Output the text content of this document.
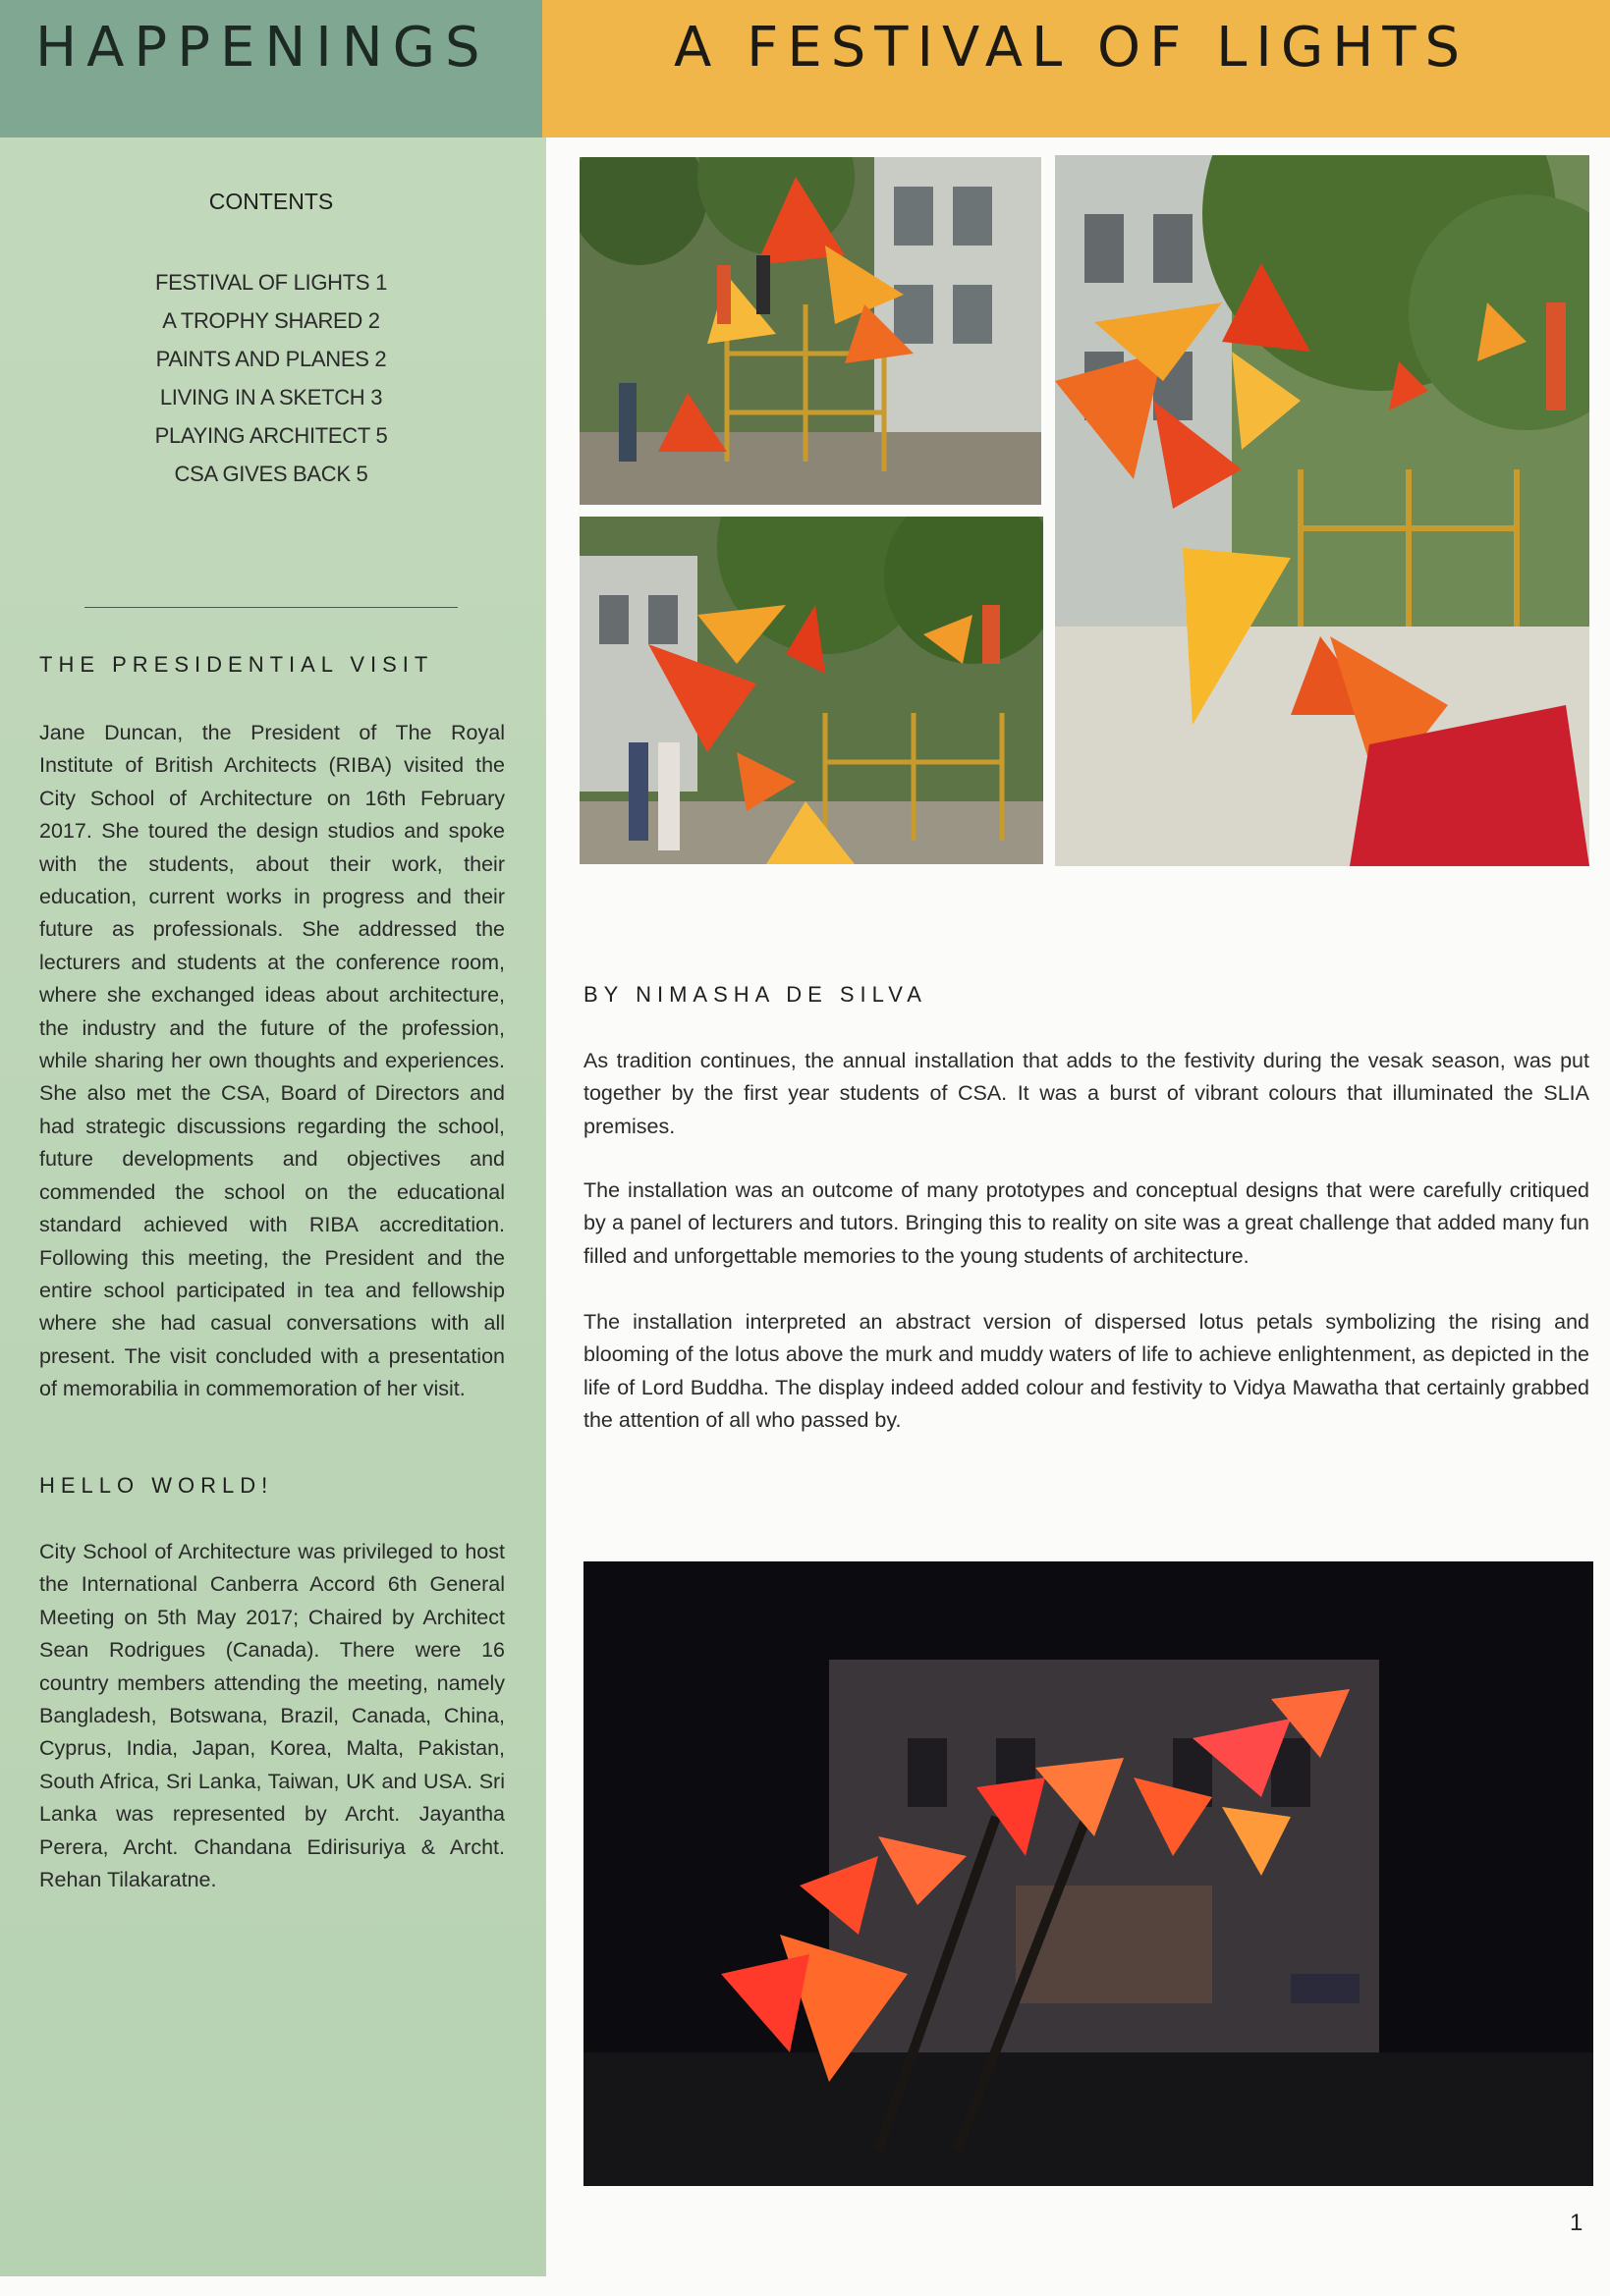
HAPPENINGS	A FESTIVAL OF LIGHTS
CONTENTS
FESTIVAL OF LIGHTS 1
A TROPHY SHARED 2
PAINTS AND PLANES 2
LIVING IN A SKETCH 3
PLAYING ARCHITECT 5
CSA GIVES BACK 5
THE PRESIDENTIAL VISIT

Jane Duncan, the President of The Royal Institute of British Architects (RIBA) visited the City School of Architecture on 16th February 2017. She toured the design studios and spoke with the students, about their work, their education, current works in progress and their future as professionals. She addressed the lecturers and students at the conference room, where she exchanged ideas about architecture, the industry and the future of the profession, while sharing her own thoughts and experiences. She also met the CSA, Board of Directors and had strategic discussions regarding the school, future developments and objectives and commended the school on the educational standard achieved with RIBA accreditation. Following this meeting, the President and the entire school participated in tea and fellowship where she had casual conversations with all present. The visit concluded with a presentation of memorabilia in commemoration of her visit.

HELLO WORLD!

City School of Architecture was privileged to host the International Canberra Accord 6th General Meeting on 5th May 2017; Chaired by Architect Sean Rodrigues (Canada). There were 16 country members attending the meeting, namely Bangladesh, Botswana, Brazil, Canada, China, Cyprus, India, Japan, Korea, Malta, Pakistan, South Africa, Sri Lanka, Taiwan, UK and USA. Sri Lanka was represented by Archt. Jayantha Perera, Archt. Chandana Edirisuriya & Archt. Rehan Tilakaratne.

BY NIMASHA DE SILVA

As tradition continues, the annual installation that adds to the festivity during the vesak season, was put together by the first year students of CSA. It was a burst of vibrant colours that illuminated the SLIA premises.

The installation was an outcome of many prototypes and conceptual designs that were carefully critiqued by a panel of lecturers and tutors. Bringing this to reality on site was a great challenge that added many fun filled and unforgettable memories to the young students of architecture.

The installation interpreted an abstract version of dispersed lotus petals symbolizing the rising and blooming of the lotus above the murk and muddy waters of life to achieve enlightenment, as depicted in the life of Lord Buddha. The display indeed added colour and festivity to Vidya Mawatha that certainly grabbed the attention of all who passed by.

1
